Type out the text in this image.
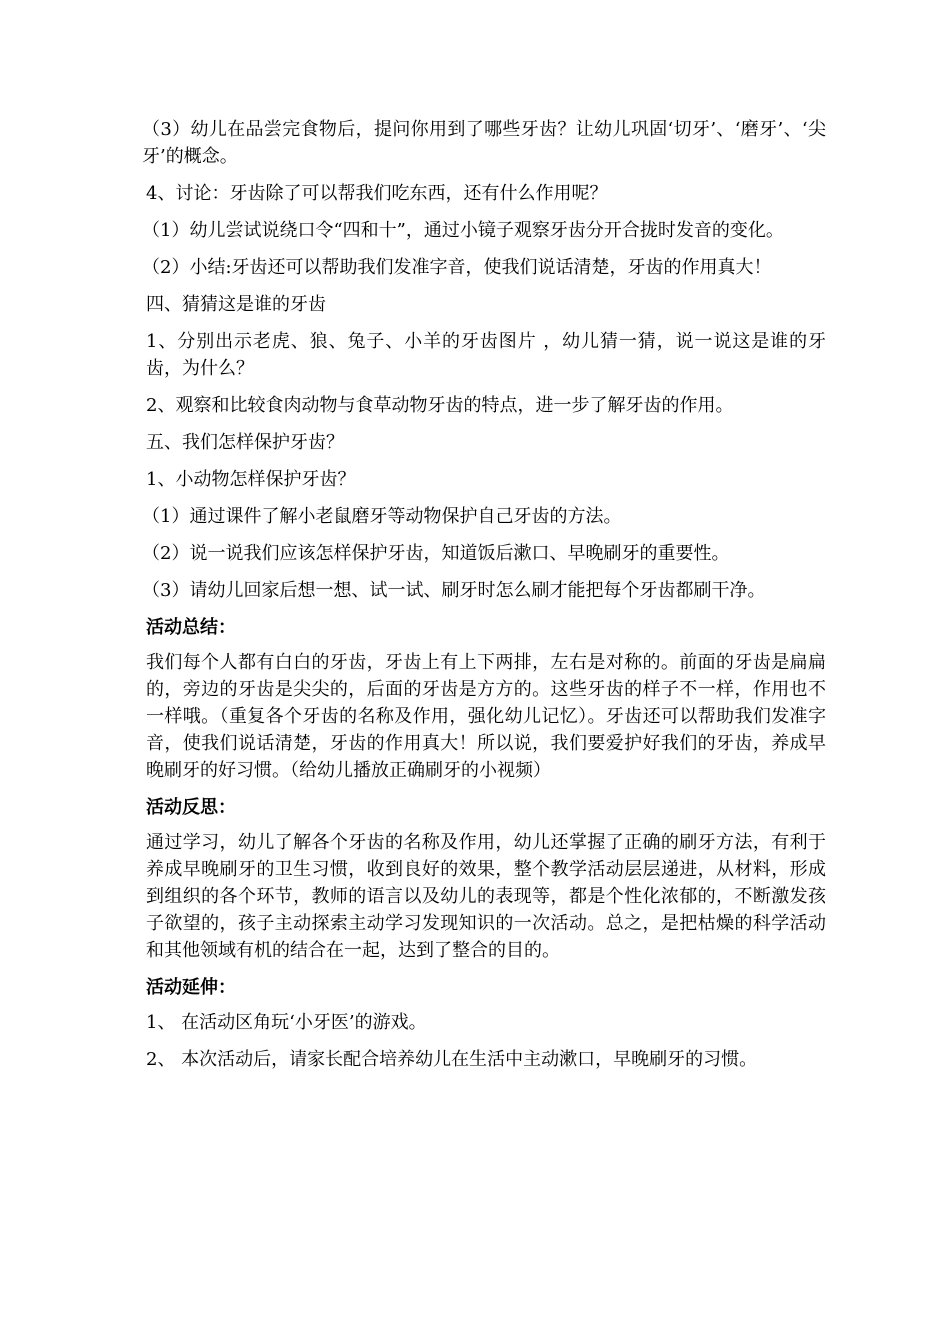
（3）幼儿在品尝完食物后，提问你用到了哪些牙齿？让幼儿巩固‘切牙’、‘磨牙’、‘尖牙’的概念。

4、讨论：牙齿除了可以帮我们吃东西，还有什么作用呢？

（1）幼儿尝试说绕口令“四和十”，通过小镜子观察牙齿分开合拢时发音的变化。

（2）小结:牙齿还可以帮助我们发准字音，使我们说话清楚，牙齿的作用真大！

四、猜猜这是谁的牙齿

1、分别出示老虎、狼、兔子、小羊的牙齿图片 ，幼儿猜一猜，说一说这是谁的牙齿，为什么？

2、观察和比较食肉动物与食草动物牙齿的特点，进一步了解牙齿的作用。

五、我们怎样保护牙齿？

1、小动物怎样保护牙齿？

（1）通过课件了解小老鼠磨牙等动物保护自己牙齿的方法。

（2）说一说我们应该怎样保护牙齿，知道饭后漱口、早晚刷牙的重要性。

（3）请幼儿回家后想一想、试一试、刷牙时怎么刷才能把每个牙齿都刷干净。

活动总结：

我们每个人都有白白的牙齿，牙齿上有上下两排，左右是对称的。前面的牙齿是扁扁的，旁边的牙齿是尖尖的，后面的牙齿是方方的。这些牙齿的样子不一样，作用也不一样哦。（重复各个牙齿的名称及作用，强化幼儿记忆）。牙齿还可以帮助我们发准字音，使我们说话清楚，牙齿的作用真大！所以说，我们要爱护好我们的牙齿，养成早晚刷牙的好习惯。（给幼儿播放正确刷牙的小视频）

活动反思：

通过学习，幼儿了解各个牙齿的名称及作用，幼儿还掌握了正确的刷牙方法，有利于养成早晚刷牙的卫生习惯，收到良好的效果，整个教学活动层层递进，从材料，形成到组织的各个环节，教师的语言以及幼儿的表现等，都是个性化浓郁的，不断激发孩子欲望的，孩子主动探索主动学习发现知识的一次活动。总之，是把枯燥的科学活动和其他领域有机的结合在一起，达到了整合的目的。

活动延伸：

1、 在活动区角玩‘小牙医’的游戏。

2、 本次活动后，请家长配合培养幼儿在生活中主动漱口，早晚刷牙的习惯。
